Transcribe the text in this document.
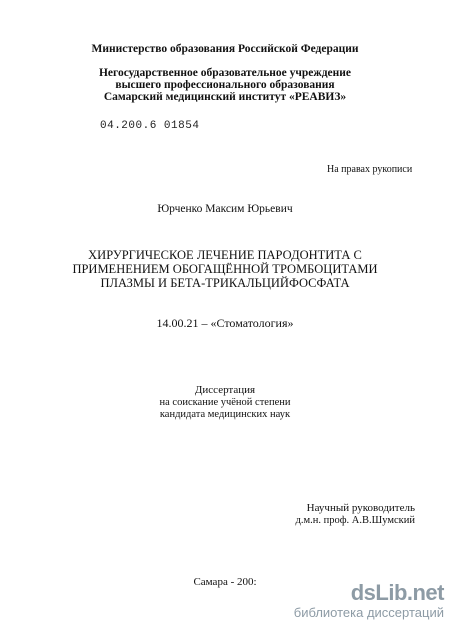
Министерство образования Российской Федерации
Негосударственное образовательное учреждение
высшего профессионального образования
Самарский медицинский институт «РЕАВИЗ»
04.200.6 01854
На правах рукописи
Юрченко Максим Юрьевич
ХИРУРГИЧЕСКОЕ ЛЕЧЕНИЕ ПАРОДОНТИТА С
ПРИМЕНЕНИЕМ ОБОГАЩЁННОЙ ТРОМБОЦИТАМИ
ПЛАЗМЫ И БЕТА-ТРИКАЛЬЦИЙФОСФАТА
14.00.21 – «Стоматология»
Диссертация
на соискание учёной степени
кандидата медицинских наук
Научный руководитель
д.м.н. проф. А.В.Шумский
Самара - 200:	dsLib.net
библиотека диссертаций
